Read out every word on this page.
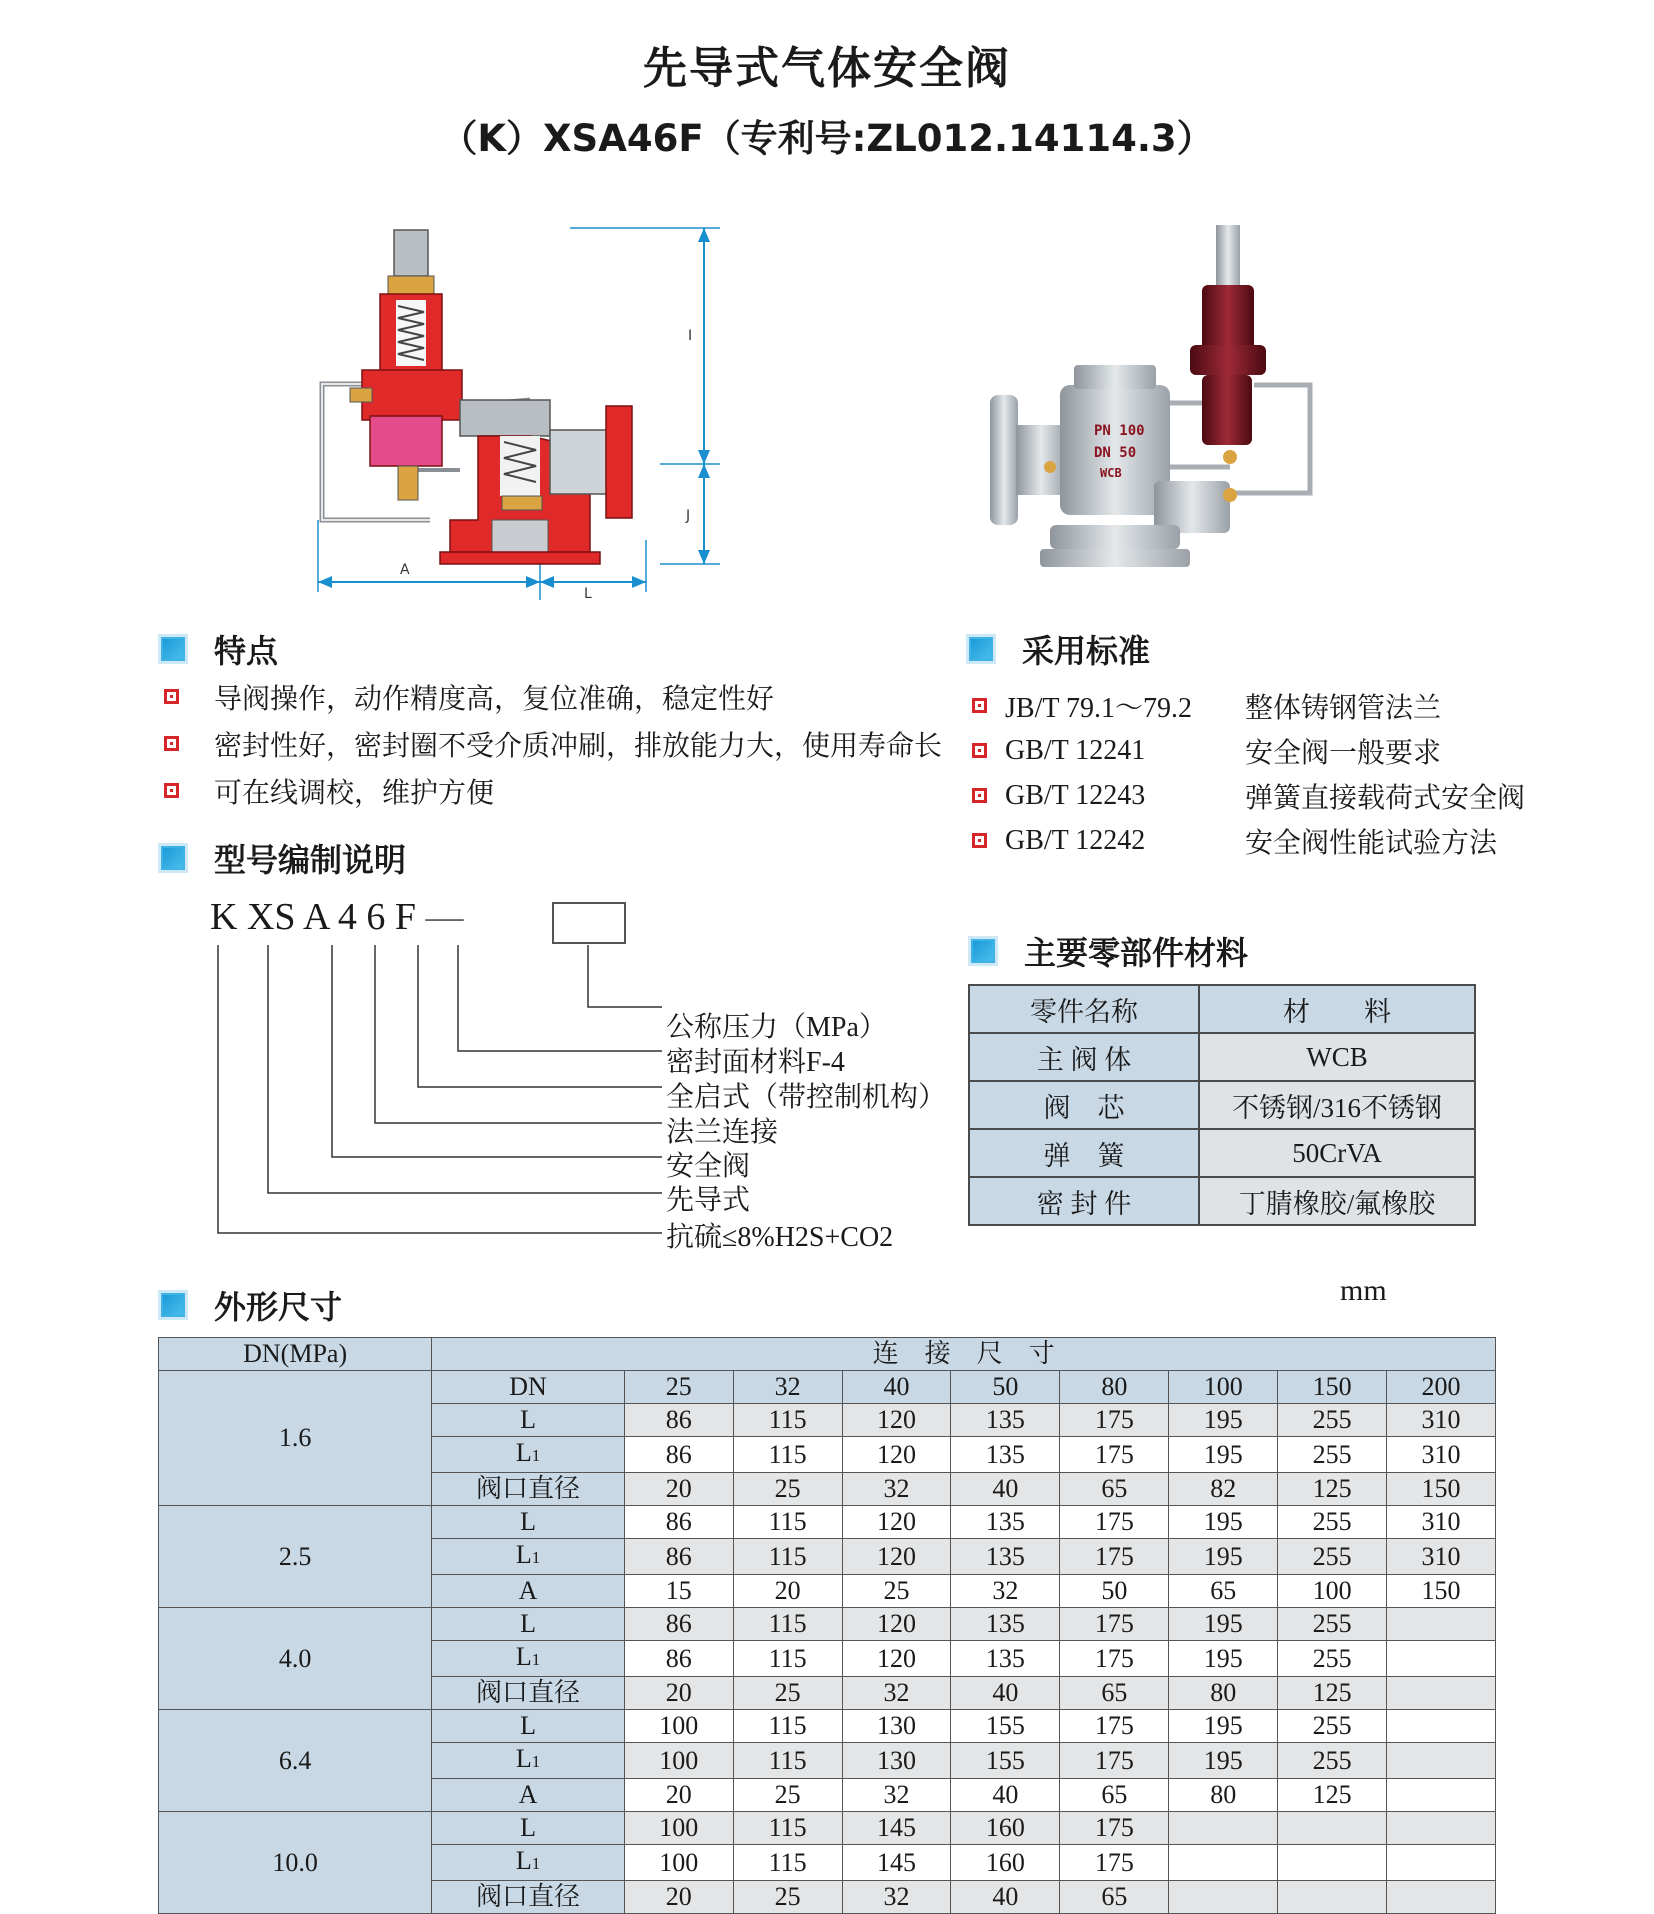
先导式气体安全阀
（K）XSA46F（专利号:ZL012.14114.3）
I
J
A
L
PN 100
DN 50
WCB
特点
导阀操作，动作精度高，复位准确，稳定性好
密封性好，密封圈不受介质冲刷，排放能力大，使用寿命长
可在线调校，维护方便
采用标准
JB/T 79.1～79.2	整体铸钢管法兰
GB/T 12241	安全阀一般要求
GB/T 12243	弹簧直接载荷式安全阀
GB/T 12242	安全阀性能试验方法
型号编制说明
K XS A 4 6 F —
公称压力（MPa）
密封面材料F-4
全启式（带控制机构）
法兰连接
安全阀
先导式
抗硫≤8%H2S+CO2
主要零部件材料
零件名称	材　　料
主 阀 体	WCB
阀　芯	不锈钢/316不锈钢
弹　簧	50CrVA
密 封 件	丁腈橡胶/氟橡胶
外形尺寸	mm
DN(MPa)	连　接　尺　寸								
1.6	DN	25	32	40	50	80	100	150	200
	L	86	115	120	135	175	195	255	310
	L1	86	115	120	135	175	195	255	310
	阀口直径	20	25	32	40	65	82	125	150
2.5	L	86	115	120	135	175	195	255	310
	L1	86	115	120	135	175	195	255	310
	A	15	20	25	32	50	65	100	150
4.0	L	86	115	120	135	175	195	255	
	L1	86	115	120	135	175	195	255	
	阀口直径	20	25	32	40	65	80	125	
6.4	L	100	115	130	155	175	195	255	
	L1	100	115	130	155	175	195	255	
	A	20	25	32	40	65	80	125	
10.0	L	100	115	145	160	175			
	L1	100	115	145	160	175			
	阀口直径	20	25	32	40	65			
